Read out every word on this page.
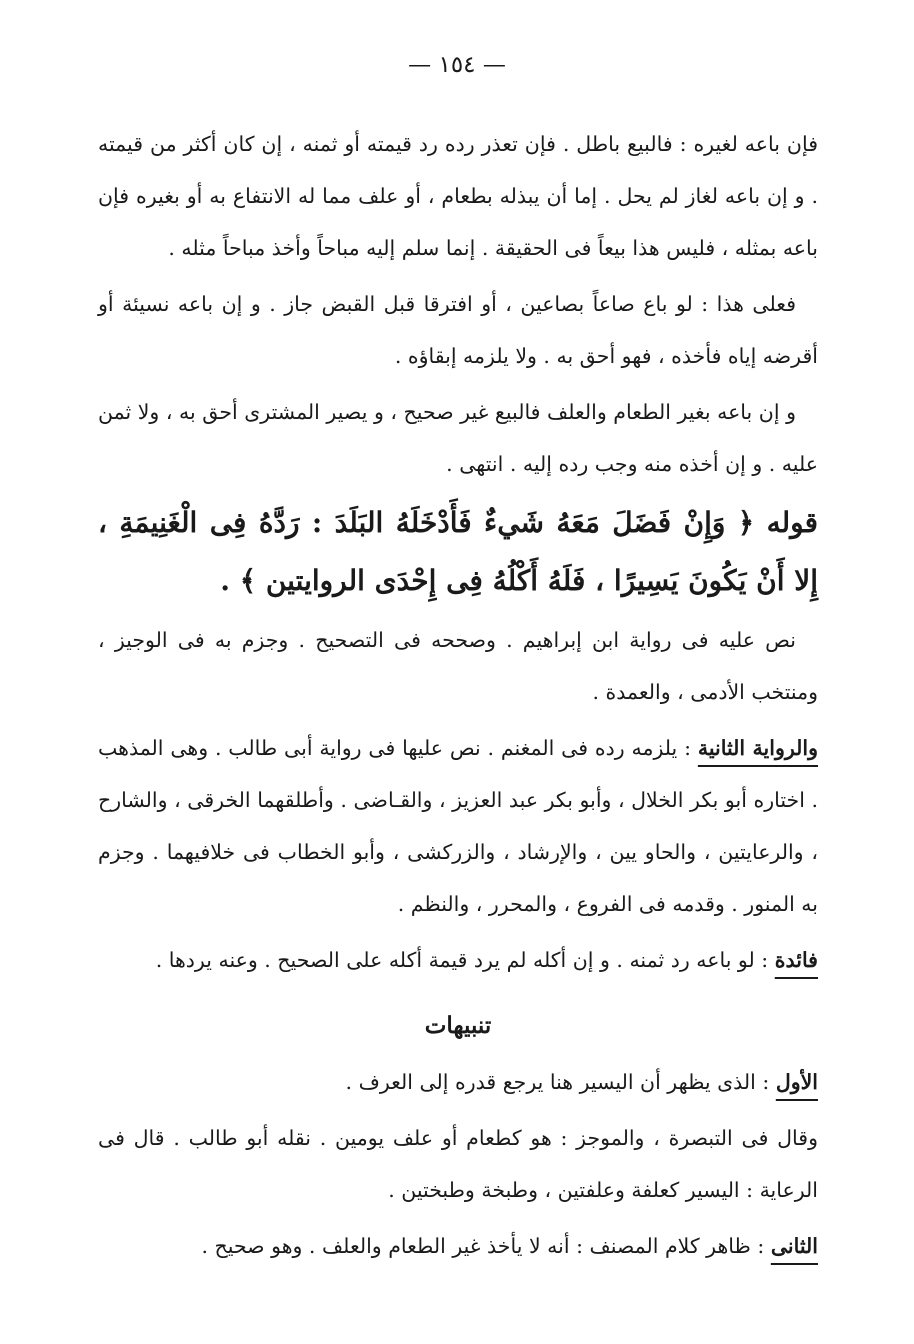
— ١٥٤ —

فإن باعه لغيره : فالبيع باطل . فإن تعذر رده رد قيمته أو ثمنه ، إن كان أكثر من قيمته . و إن باعه لغاز لم يحل . إما أن يبذله بطعام ، أو علف مما له الانتفاع به أو بغيره فإن باعه بمثله ، فليس هذا بيعاً فى الحقيقة . إنما سلم إليه مباحاً وأخذ مباحاً مثله .

فعلى هذا : لو باع صاعاً بصاعين ، أو افترقا قبل القبض جاز . و إن باعه نسيئة أو أقرضه إياه فأخذه ، فهو أحق به . ولا يلزمه إبقاؤه .

و إن باعه بغير الطعام والعلف فالبيع غير صحيح ، و يصير المشترى أحق به ، ولا ثمن عليه . و إن أخذه منه وجب رده إليه . انتهى .

قوله ﴿ وَإِنْ فَضَلَ مَعَهُ شَيءٌ فَأَدْخَلَهُ البَلَدَ : رَدَّهُ فِى الْغَنِيمَةِ ، إِلا أَنْ يَكُونَ يَسِيرًا ، فَلَهُ أَكْلُهُ فِى إِحْدَى الروايتين ﴾ .

نص عليه فى رواية ابن إبراهيم . وصححه فى التصحيح . وجزم به فى الوجيز ، ومنتخب الأدمى ، والعمدة .

والرواية الثانية : يلزمه رده فى المغنم . نص عليها فى رواية أبى طالب . وهى المذهب . اختاره أبو بكر الخلال ، وأبو بكر عبد العزيز ، والقـاضى . وأطلقهما الخرقى ، والشارح ، والرعايتين ، والحاو يين ، والإرشاد ، والزركشى ، وأبو الخطاب فى خلافيهما . وجزم به المنور . وقدمه فى الفروع ، والمحرر ، والنظم .

فائدة : لو باعه رد ثمنه . و إن أكله لم يرد قيمة أكله على الصحيح . وعنه يردها .

تنبيهات

الأول : الذى يظهر أن اليسير هنا يرجع قدره إلى العرف .

وقال فى التبصرة ، والموجز : هو كطعام أو علف يومين . نقله أبو طالب . قال فى الرعاية : اليسير كعلفة وعلفتين ، وطبخة وطبختين .

الثانى : ظاهر كلام المصنف : أنه لا يأخذ غير الطعام والعلف . وهو صحيح .
